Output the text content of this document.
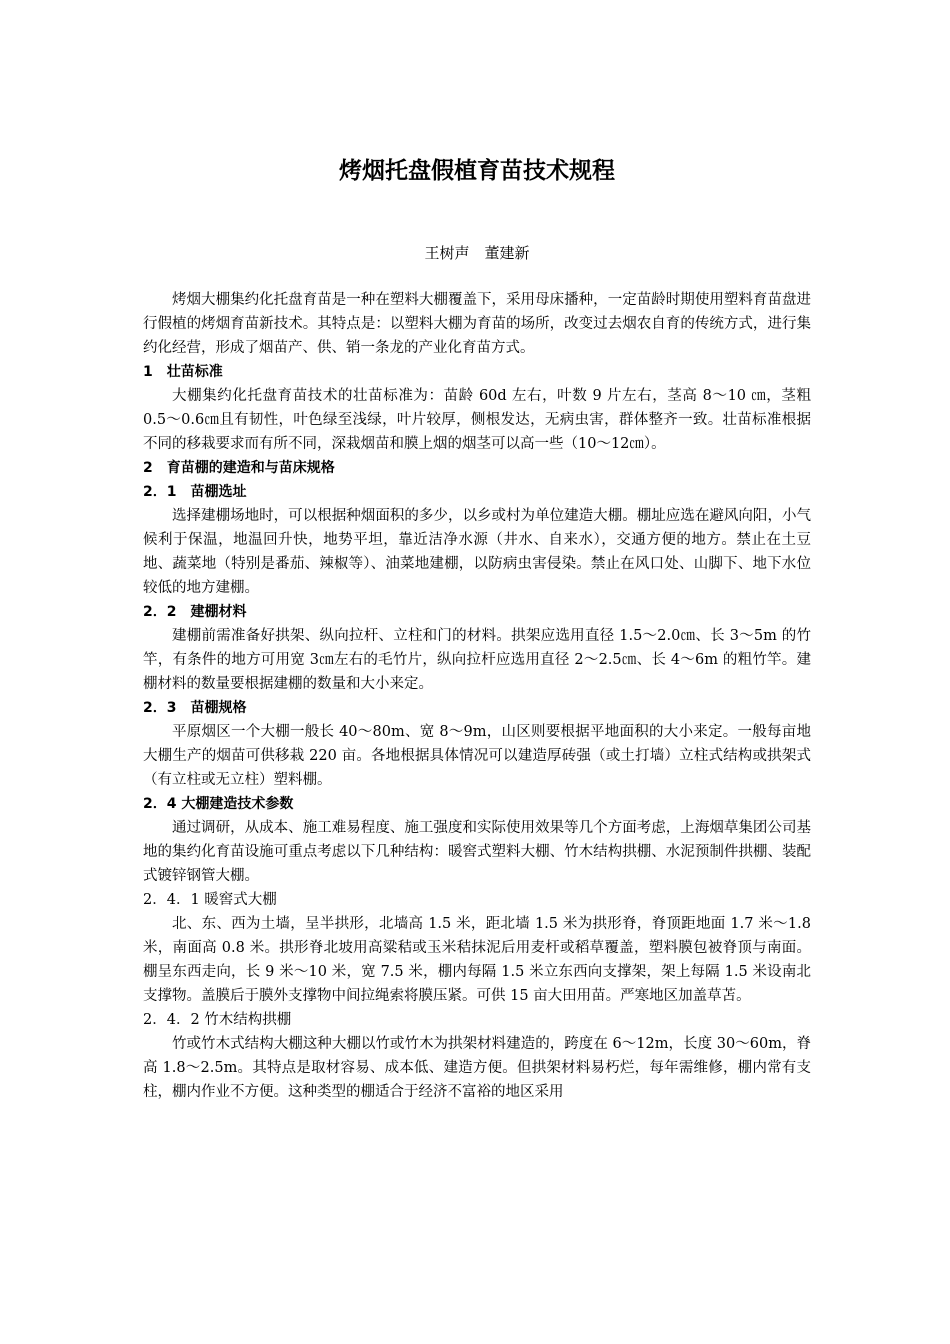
烤烟托盘假植育苗技术规程
王树声　董建新

烤烟大棚集约化托盘育苗是一种在塑料大棚覆盖下，采用母床播种，一定苗龄时期使用塑料育苗盘进行假植的烤烟育苗新技术。其特点是：以塑料大棚为育苗的场所，改变过去烟农自育的传统方式，进行集约化经营，形成了烟苗产、供、销一条龙的产业化育苗方式。

1　壮苗标准

大棚集约化托盘育苗技术的壮苗标准为：苗龄 60d 左右，叶数 9 片左右，茎高 8～10 ㎝，茎粗 0.5～0.6㎝且有韧性，叶色绿至浅绿，叶片较厚，侧根发达，无病虫害，群体整齐一致。壮苗标准根据不同的移栽要求而有所不同，深栽烟苗和膜上烟的烟茎可以高一些（10～12㎝）。

2　育苗棚的建造和与苗床规格

2．1　苗棚选址

选择建棚场地时，可以根据种烟面积的多少，以乡或村为单位建造大棚。棚址应选在避风向阳，小气候利于保温，地温回升快，地势平坦，靠近洁净水源（井水、自来水），交通方便的地方。禁止在土豆地、蔬菜地（特别是番茄、辣椒等）、油菜地建棚，以防病虫害侵染。禁止在风口处、山脚下、地下水位较低的地方建棚。

2．2　建棚材料

建棚前需准备好拱架、纵向拉杆、立柱和门的材料。拱架应选用直径 1.5～2.0㎝、长 3～5m 的竹竿，有条件的地方可用宽 3㎝左右的毛竹片，纵向拉杆应选用直径 2～2.5㎝、长 4～6m 的粗竹竿。建棚材料的数量要根据建棚的数量和大小来定。

2．3　苗棚规格

平原烟区一个大棚一般长 40～80m、宽 8～9m，山区则要根据平地面积的大小来定。一般每亩地大棚生产的烟苗可供移栽 220 亩。各地根据具体情况可以建造厚砖强（或土打墙）立柱式结构或拱架式（有立柱或无立柱）塑料棚。

2．4 大棚建造技术参数

通过调研，从成本、施工难易程度、施工强度和实际使用效果等几个方面考虑，上海烟草集团公司基地的集约化育苗设施可重点考虑以下几种结构：暖窖式塑料大棚、竹木结构拱棚、水泥预制件拱棚、装配式镀锌钢管大棚。

2．4．1 暖窖式大棚

北、东、西为土墙，呈半拱形，北墙高 1.5 米，距北墙 1.5 米为拱形脊，脊顶距地面 1.7 米～1.8 米，南面高 0.8 米。拱形脊北坡用高粱秸或玉米秸抹泥后用麦杆或稻草覆盖，塑料膜包被脊顶与南面。棚呈东西走向，长 9 米～10 米，宽 7.5 米，棚内每隔 1.5 米立东西向支撑架，架上每隔 1.5 米设南北支撑物。盖膜后于膜外支撑物中间拉绳索将膜压紧。可供 15 亩大田用苗。严寒地区加盖草苫。

2．4．2 竹木结构拱棚

竹或竹木式结构大棚这种大棚以竹或竹木为拱架材料建造的，跨度在 6～12m，长度 30～60m，脊高 1.8～2.5m。其特点是取材容易、成本低、建造方便。但拱架材料易朽烂，每年需维修，棚内常有支柱，棚内作业不方便。这种类型的棚适合于经济不富裕的地区采用
